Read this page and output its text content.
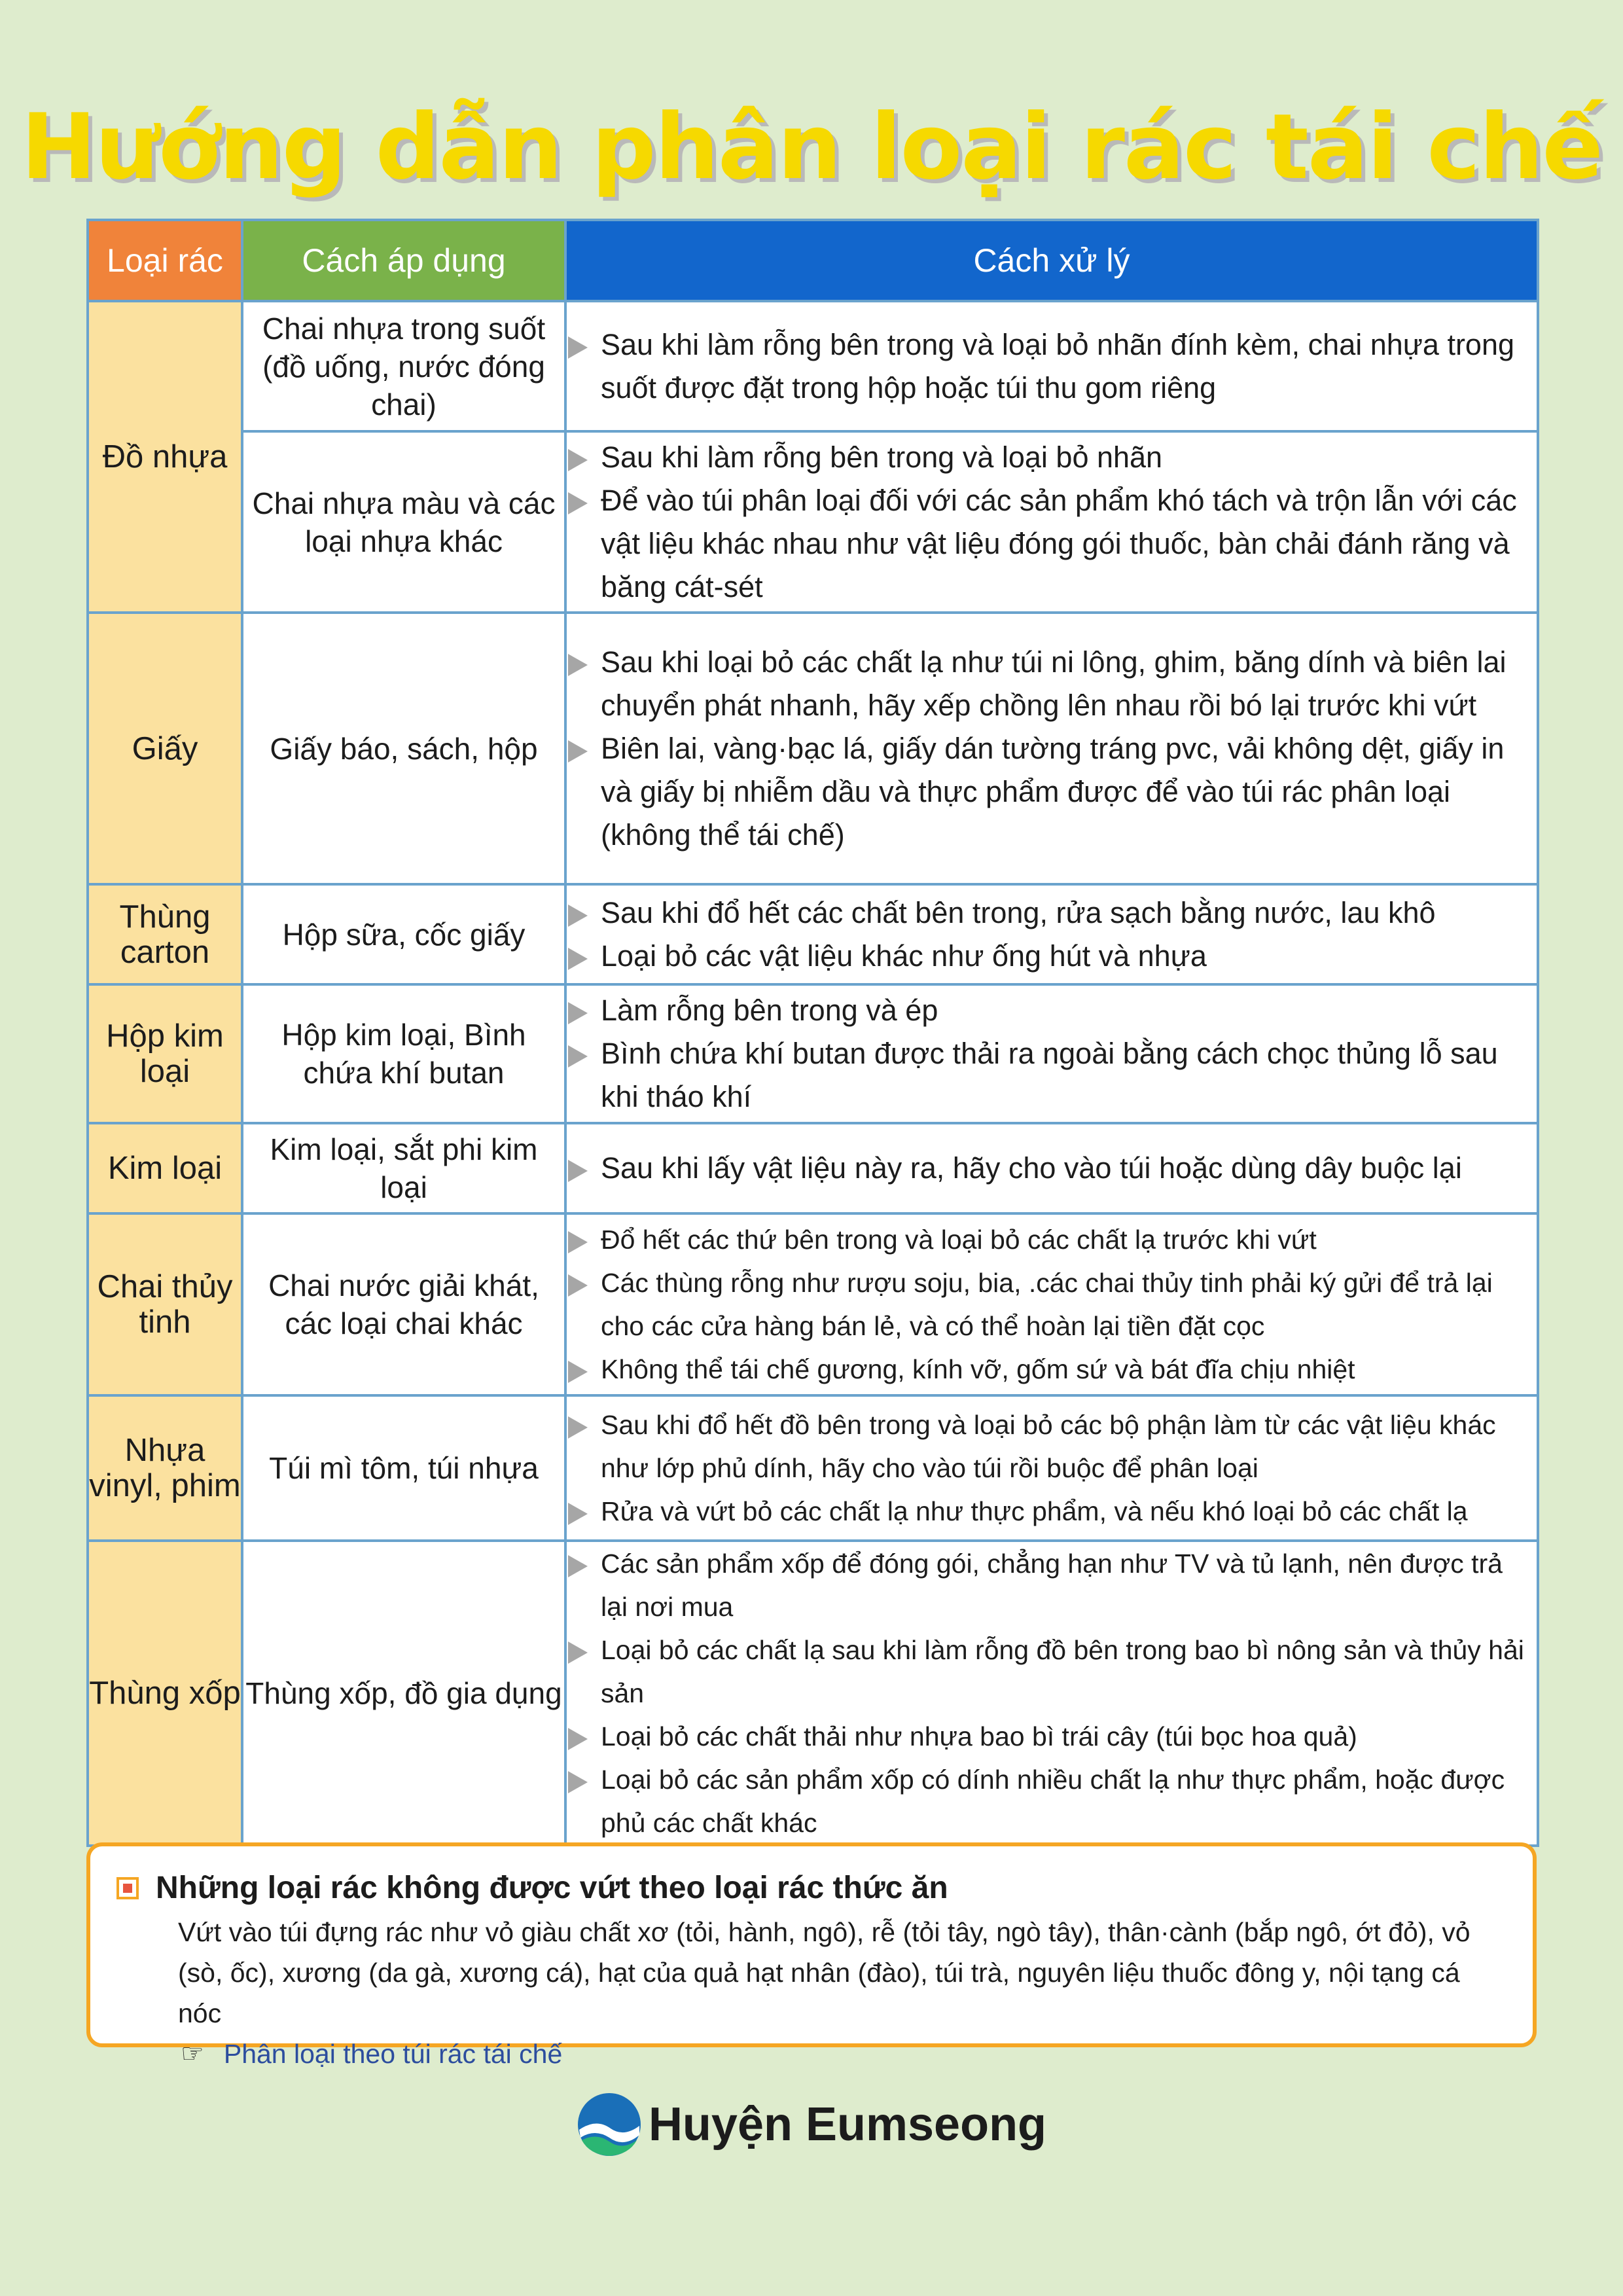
Hướng dẫn phân loại rác tái chế
Loại rác	Cách áp dụng	Cách xử lý
Đồ nhựa	Chai nhựa trong suốt (đồ uống, nước đóng chai)	Sau khi làm rỗng bên trong và loại bỏ nhãn đính kèm, chai nhựa trong suốt được đặt trong hộp hoặc túi thu gom riêng

	Chai nhựa màu và các loại nhựa khác	Sau khi làm rỗng bên trong và loại bỏ nhãn
Để vào túi phân loại đối với các sản phẩm khó tách và trộn lẫn với các vật liệu khác nhau như vật liệu đóng gói thuốc, bàn chải đánh răng và băng cát-sét

Giấy	Giấy báo, sách, hộp	Sau khi loại bỏ các chất lạ như túi ni lông, ghim, băng dính và biên lai chuyển phát nhanh, hãy xếp chồng lên nhau rồi bó lại trước khi vứt
Biên lai, vàng·bạc lá, giấy dán tường tráng pvc, vải không dệt, giấy in và giấy bị nhiễm dầu và thực phẩm được để vào túi rác phân loại (không thể tái chế)

Thùng carton	Hộp sữa, cốc giấy	Sau khi đổ hết các chất bên trong, rửa sạch bằng nước, lau khô
Loại bỏ các vật liệu khác như ống hút và nhựa

Hộp kim loại	Hộp kim loại, Bình chứa khí butan	Làm rỗng bên trong và ép
Bình chứa khí butan được thải ra ngoài bằng cách chọc thủng lỗ sau khi tháo khí

Kim loại	Kim loại, sắt phi kim loại	Sau khi lấy vật liệu này ra, hãy cho vào túi hoặc dùng dây buộc lại

Chai thủy tinh	Chai nước giải khát, các loại chai khác	Đổ hết các thứ bên trong và loại bỏ các chất lạ trước khi vứt
Các thùng rỗng như rượu soju, bia, .các chai thủy tinh phải ký gửi để trả lại cho các cửa hàng bán lẻ, và có thể hoàn lại tiền đặt cọc
Không thể tái chế gương, kính vỡ, gốm sứ và bát đĩa chịu nhiệt

Nhựa vinyl, phim	Túi mì tôm, túi nhựa	Sau khi đổ hết đồ bên trong và loại bỏ các bộ phận làm từ các vật liệu khác như lớp phủ dính, hãy cho vào túi rồi buộc để phân loại
Rửa và vứt bỏ các chất lạ như thực phẩm, và nếu khó loại bỏ các chất lạ

Thùng xốp	Thùng xốp, đồ gia dụng	Các sản phẩm xốp để đóng gói, chẳng hạn như TV và tủ lạnh, nên được trả lại nơi mua
Loại bỏ các chất lạ sau khi làm rỗng đồ bên trong bao bì nông sản và thủy hải sản
Loại bỏ các chất thải như nhựa bao bì trái cây (túi bọc hoa quả)
Loại bỏ các sản phẩm xốp có dính nhiều chất lạ như thực phẩm, hoặc được phủ các chất khác
Những loại rác không được vứt theo loại rác thức ăn
Vứt vào túi đựng rác như vỏ giàu chất xơ (tỏi, hành, ngô), rễ (tỏi tây, ngò tây), thân·cành (bắp ngô, ớt đỏ), vỏ (sò, ốc), xương (da gà, xương cá), hạt của quả hạt nhân (đào), túi trà, nguyên liệu thuốc đông y, nội tạng cá nóc
☞ Phân loại theo túi rác tái chế
Huyện Eumseong
